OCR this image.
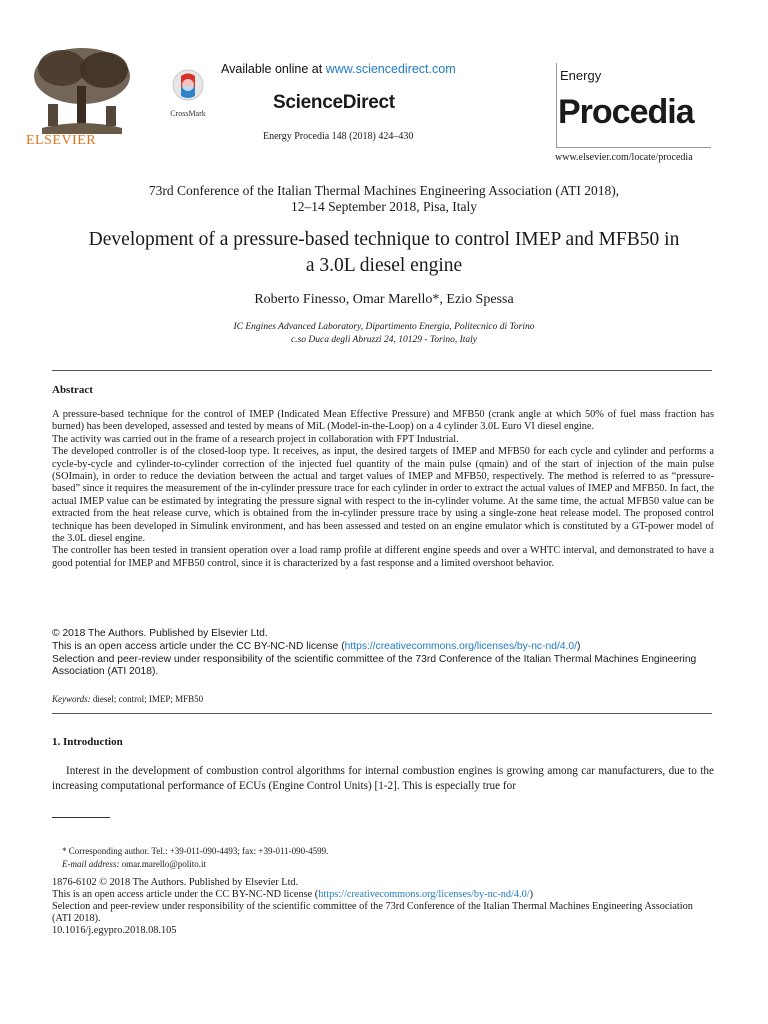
ELSEVIER
CrossMark
Available online at www.sciencedirect.com
ScienceDirect
Energy Procedia 148 (2018) 424–430
Energy
Procedia
www.elsevier.com/locate/procedia
73rd Conference of the Italian Thermal Machines Engineering Association (ATI 2018),
12–14 September 2018, Pisa, Italy
Development of a pressure-based technique to control IMEP and MFB50 in
a 3.0L diesel engine
Roberto Finesso, Omar Marello*, Ezio Spessa
IC Engines Advanced Laboratory, Dipartimento Energia, Politecnico di Torino
c.so Duca degli Abruzzi 24, 10129 - Torino, Italy
Abstract

A pressure-based technique for the control of IMEP (Indicated Mean Effective Pressure) and MFB50 (crank angle at which 50% of fuel mass fraction has burned) has been developed, assessed and tested by means of MiL (Model-in-the-Loop) on a 4 cylinder 3.0L Euro VI diesel engine.

The activity was carried out in the frame of a research project in collaboration with FPT Industrial.

The developed controller is of the closed-loop type. It receives, as input, the desired targets of IMEP and MFB50 for each cycle and cylinder and performs a cycle-by-cycle and cylinder-to-cylinder correction of the injected fuel quantity of the main pulse (qmain) and of the start of injection of the main pulse (SOImain), in order to reduce the deviation between the actual and target values of IMEP and MFB50, respectively. The method is referred to as “pressure-based” since it requires the measurement of the in-cylinder pressure trace for each cylinder in order to extract the actual values of IMEP and MFB50. In fact, the actual IMEP value can be estimated by integrating the pressure signal with respect to the in-cylinder volume. At the same time, the actual MFB50 value can be extracted from the heat release curve, which is obtained from the in-cylinder pressure trace by using a single-zone heat release model. The proposed control technique has been developed in Simulink environment, and has been assessed and tested on an engine emulator which is constituted by a GT-power model of the 3.0L diesel engine.

The controller has been tested in transient operation over a load ramp profile at different engine speeds and over a WHTC interval, and demonstrated to have a good potential for IMEP and MFB50 control, since it is characterized by a fast response and a limited overshoot behavior.

© 2018 The Authors. Published by Elsevier Ltd.

This is an open access article under the CC BY-NC-ND license (https://creativecommons.org/licenses/by-nc-nd/4.0/)

Selection and peer-review under responsibility of the scientific committee of the 73rd Conference of the Italian Thermal Machines Engineering Association (ATI 2018).

Keywords: diesel; control; IMEP; MFB50
1. Introduction
Interest in the development of combustion control algorithms for internal combustion engines is growing among car manufacturers, due to the increasing computational performance of ECUs (Engine Control Units) [1-2]. This is especially true for
* Corresponding author. Tel.: +39-011-090-4493; fax: +39-011-090-4599.
E-mail address: omar.marello@polito.it

1876-6102 © 2018 The Authors. Published by Elsevier Ltd.

This is an open access article under the CC BY-NC-ND license (https://creativecommons.org/licenses/by-nc-nd/4.0/)

Selection and peer-review under responsibility of the scientific committee of the 73rd Conference of the Italian Thermal Machines Engineering Association (ATI 2018).

10.1016/j.egypro.2018.08.105
